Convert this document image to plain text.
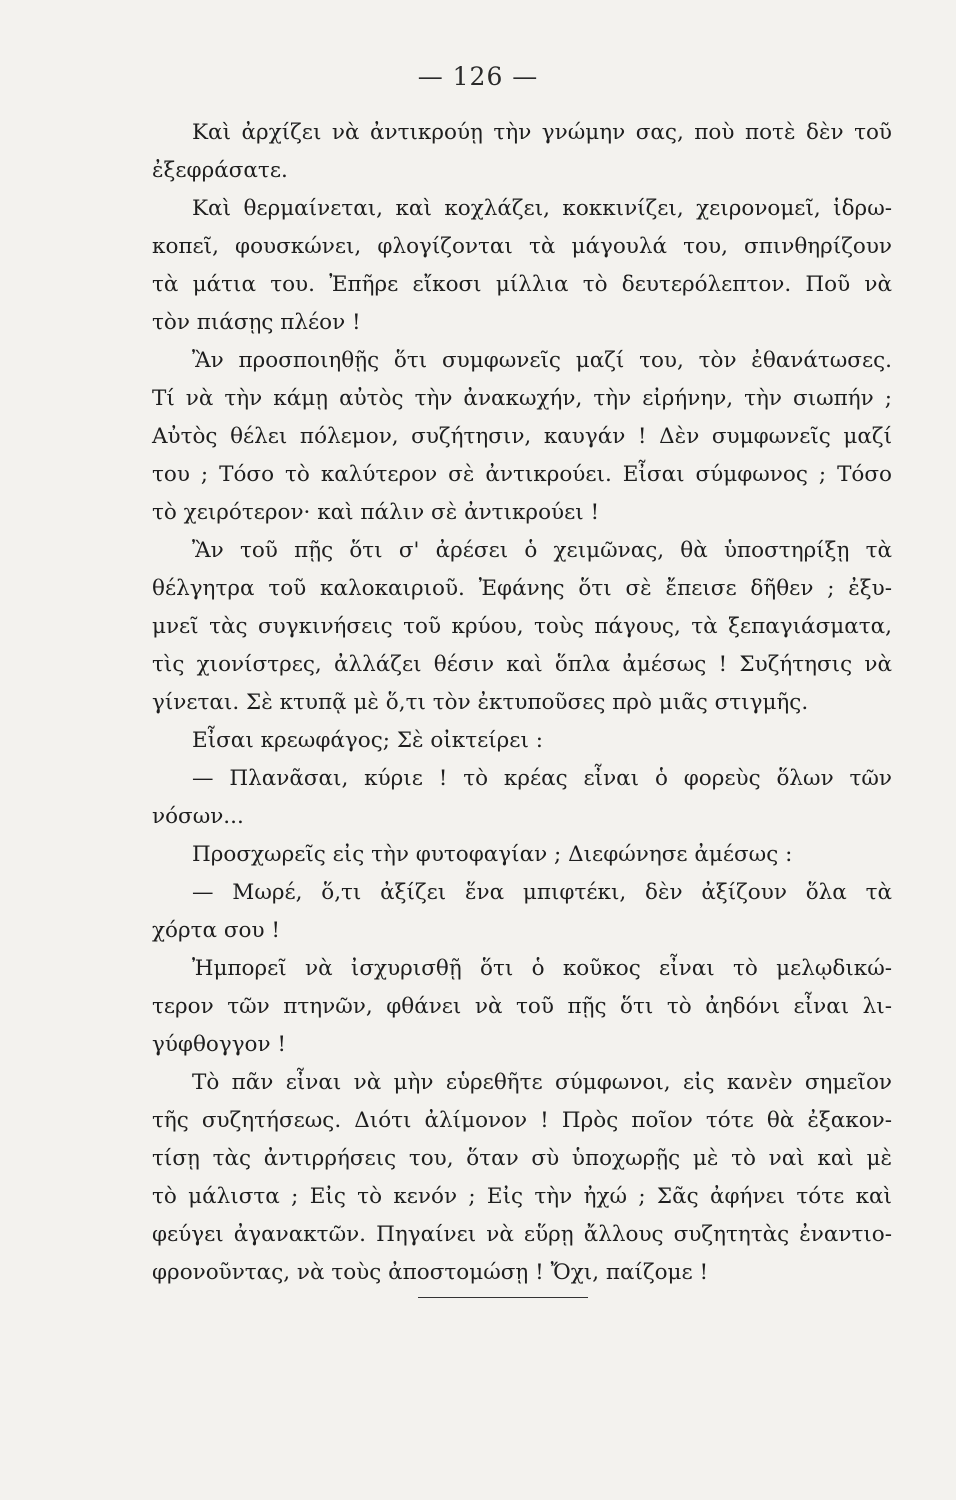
— 126 —
Καὶ ἀρχίζει νὰ ἀντικρούῃ τὴν γνώμην σας, ποὺ ποτὲ δὲν τοῦ
ἐξεφράσατε.
Καὶ θερμαίνεται, καὶ κοχλάζει, κοκκινίζει, χειρονομεῖ, ἱδρω-
κοπεῖ, φουσκώνει, φλογίζονται τὰ μάγουλά του, σπινθηρίζουν
τὰ μάτια του. Ἐπῆρε εἴκοσι μίλλια τὸ δευτερόλεπτον. Ποῦ νὰ
τὸν πιάσῃς πλέον !
Ἂν προσποιηθῇς ὅτι συμφωνεῖς μαζί του, τὸν ἐθανάτωσες.
Τί νὰ τὴν κάμῃ αὐτὸς τὴν ἀνακωχήν, τὴν εἰρήνην, τὴν σιωπήν ;
Αὐτὸς θέλει πόλεμον, συζήτησιν, καυγάν ! Δὲν συμφωνεῖς μαζί
του ; Τόσο τὸ καλύτερον σὲ ἀντικρούει. Εἶσαι σύμφωνος ; Τόσο
τὸ χειρότερον· καὶ πάλιν σὲ ἀντικρούει !
Ἂν τοῦ πῇς ὅτι σ' ἀρέσει ὁ χειμῶνας, θὰ ὑποστηρίξῃ τὰ
θέλγητρα τοῦ καλοκαιριοῦ. Ἐφάνης ὅτι σὲ ἔπεισε δῆθεν ; ἐξυ-
μνεῖ τὰς συγκινήσεις τοῦ κρύου, τοὺς πάγους, τὰ ξεπαγιάσματα,
τὶς χιονίστρες, ἀλλάζει θέσιν καὶ ὅπλα ἀμέσως ! Συζήτησις νὰ
γίνεται. Σὲ κτυπᾷ μὲ ὅ,τι τὸν ἐκτυποῦσες πρὸ μιᾶς στιγμῆς.
Εἶσαι κρεωφάγος; Σὲ οἰκτείρει :
— Πλανᾶσαι, κύριε ! τὸ κρέας εἶναι ὁ φορεὺς ὅλων τῶν
νόσων...
Προσχωρεῖς εἰς τὴν φυτοφαγίαν ; Διεφώνησε ἀμέσως :
— Μωρέ, ὅ,τι ἀξίζει ἕνα μπιφτέκι, δὲν ἀξίζουν ὅλα τὰ
χόρτα σου !
Ἠμπορεῖ νὰ ἰσχυρισθῇ ὅτι ὁ κοῦκος εἶναι τὸ μελῳδικώ-
τερον τῶν πτηνῶν, φθάνει νὰ τοῦ πῇς ὅτι τὸ ἀηδόνι εἶναι λι-
γύφθογγον !
Τὸ πᾶν εἶναι νὰ μὴν εὑρεθῆτε σύμφωνοι, εἰς κανὲν σημεῖον
τῆς συζητήσεως. Διότι ἀλίμονον ! Πρὸς ποῖον τότε θὰ ἐξακον-
τίσῃ τὰς ἀντιρρήσεις του, ὅταν σὺ ὑποχωρῇς μὲ τὸ ναὶ καὶ μὲ
τὸ μάλιστα ; Εἰς τὸ κενόν ; Εἰς τὴν ἠχώ ; Σᾶς ἀφήνει τότε καὶ
φεύγει ἀγανακτῶν. Πηγαίνει νὰ εὕρῃ ἄλλους συζητητὰς ἐναντιο-
φρονοῦντας, νὰ τοὺς ἀποστομώσῃ ! Ὄχι, παίζομε !
